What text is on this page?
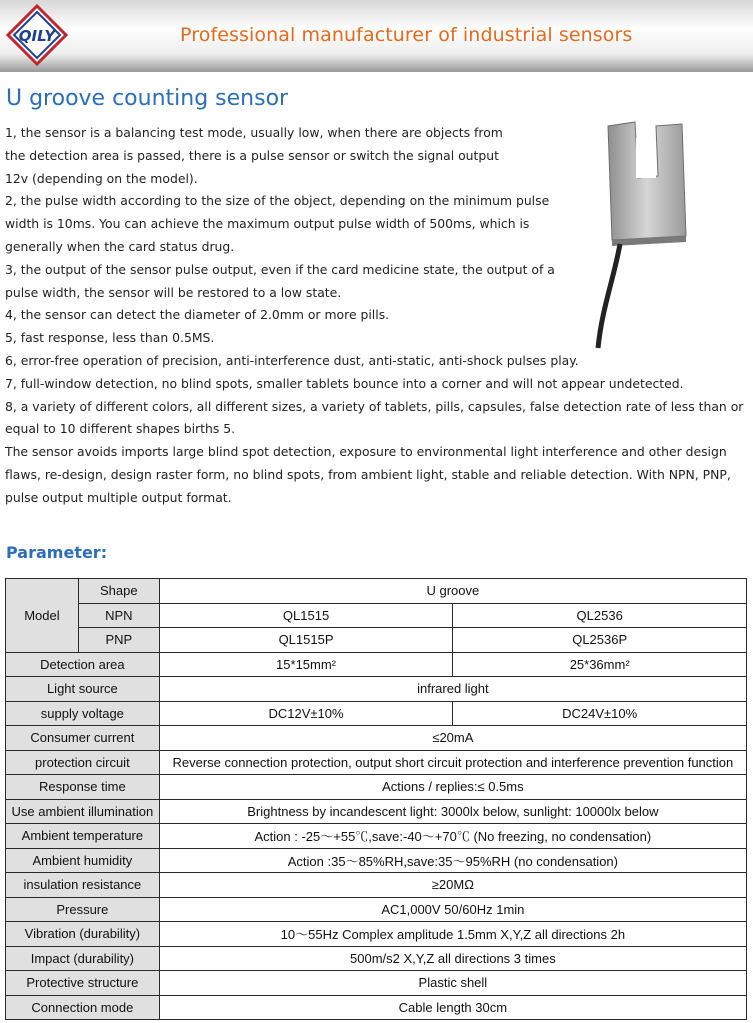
QILY	Professional manufacturer of industrial sensors
U groove counting sensor

1, the sensor is a balancing test mode, usually low, when there are objects from the detection area is passed, there is a pulse sensor or switch the signal output 12v (depending on the model).

2, the pulse width according to the size of the object, depending on the minimum pulse width is 10ms. You can achieve the maximum output pulse width of 500ms, which is generally when the card status drug.

3, the output of the sensor pulse output, even if the card medicine state, the output of a pulse width, the sensor will be restored to a low state.

4, the sensor can detect the diameter of 2.0mm or more pills.

5, fast response, less than 0.5MS.

6, error-free operation of precision, anti-interference dust, anti-static, anti-shock pulses play.

7, full-window detection, no blind spots, smaller tablets bounce into a corner and will not appear undetected.

8, a variety of different colors, all different sizes, a variety of tablets, pills, capsules, false detection rate of less than or equal to 10 different shapes births 5.

The sensor avoids imports large blind spot detection, exposure to environmental light interference and other design flaws, re-design, design raster form, no blind spots, from ambient light, stable and reliable detection. With NPN, PNP, pulse output multiple output format.

Parameter:
Model	Shape	U groove	
	NPN	QL1515	QL2536
	PNP	QL1515P	QL2536P
Detection area		15*15mm²	25*36mm²
Light source		infrared light	
supply voltage		DC12V±10%	DC24V±10%
Consumer current		≤20mA	
protection circuit		Reverse connection protection, output short circuit protection and interference prevention function	
Response time		Actions / replies:≤ 0.5ms	
Use ambient illumination		Brightness by incandescent light: 3000lx below, sunlight: 10000lx below	
Ambient temperature		Action : -25～+55℃,save:-40～+70℃ (No freezing, no condensation)	
Ambient humidity		Action :35～85%RH,save:35～95%RH (no condensation)	
insulation resistance		≥20MΩ	
Pressure		AC1,000V 50/60Hz 1min	
Vibration (durability)		10～55Hz Complex amplitude 1.5mm X,Y,Z all directions 2h	
Impact (durability)		500m/s2 X,Y,Z all directions 3 times	
Protective structure		Plastic shell	
Connection mode		Cable length 30cm	
